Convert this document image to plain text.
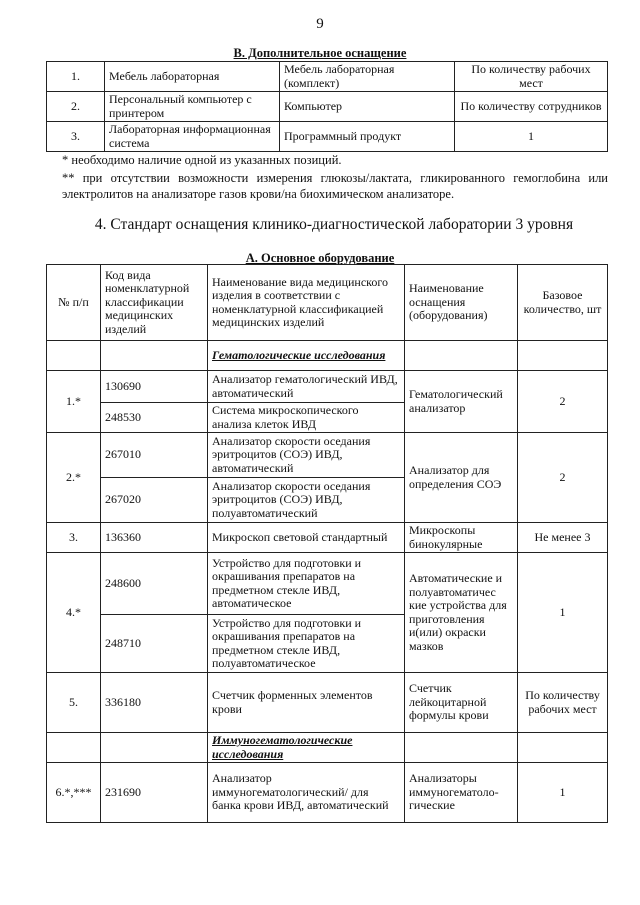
9
В. Дополнительное оснащение
1.	Мебель лабораторная	Мебель лабораторная (комплект)	По количеству рабочих мест
2.	Персональный компьютер с принтером	Компьютер	По количеству сотрудников
3.	Лабораторная информационная система	Программный продукт	1
* необходимо наличие одной из указанных позиций.
** при отсутствии возможности измерения глюкозы/лактата, гликированного гемоглобина или электролитов на анализаторе газов крови/на биохимическом анализаторе.
4. Стандарт оснащения клинико-диагностической лаборатории 3 уровня
А. Основное оборудование
№ п/п	Код вида номенклатурной классификации медицинских изделий	Наименование вида медицинского изделия в соответствии с номенклатурной классификацией медицинских изделий	Наименование оснащения (оборудования)	Базовое количество, шт
		Гематологические исследования		
1.*	130690	Анализатор гематологический ИВД, автоматический	Гематологический анализатор	2
	248530	Система микроскопического анализа клеток ИВД		
2.*	267010	Анализатор скорости оседания эритроцитов (СОЭ) ИВД, автоматический	Анализатор для определения СОЭ	2
	267020	Анализатор скорости оседания эритроцитов (СОЭ) ИВД, полуавтоматический		
3.	136360	Микроскоп световой стандартный	Микроскопы бинокулярные	Не менее 3
4.*	248600	Устройство для подготовки и окрашивания препаратов на предметном стекле ИВД, автоматическое	Автоматические и полуавтоматичес кие устройства для приготовления и(или) окраски мазков	1
	248710	Устройство для подготовки и окрашивания препаратов на предметном стекле ИВД, полуавтоматическое		
5.	336180	Счетчик форменных элементов крови	Счетчик лейкоцитарной формулы крови	По количеству рабочих мест
		Иммуногематологические исследования		
6.*,***	231690	Анализатор иммуногематологический/ для банка крови ИВД, автоматический	Анализаторы иммуногематоло- гические	1
